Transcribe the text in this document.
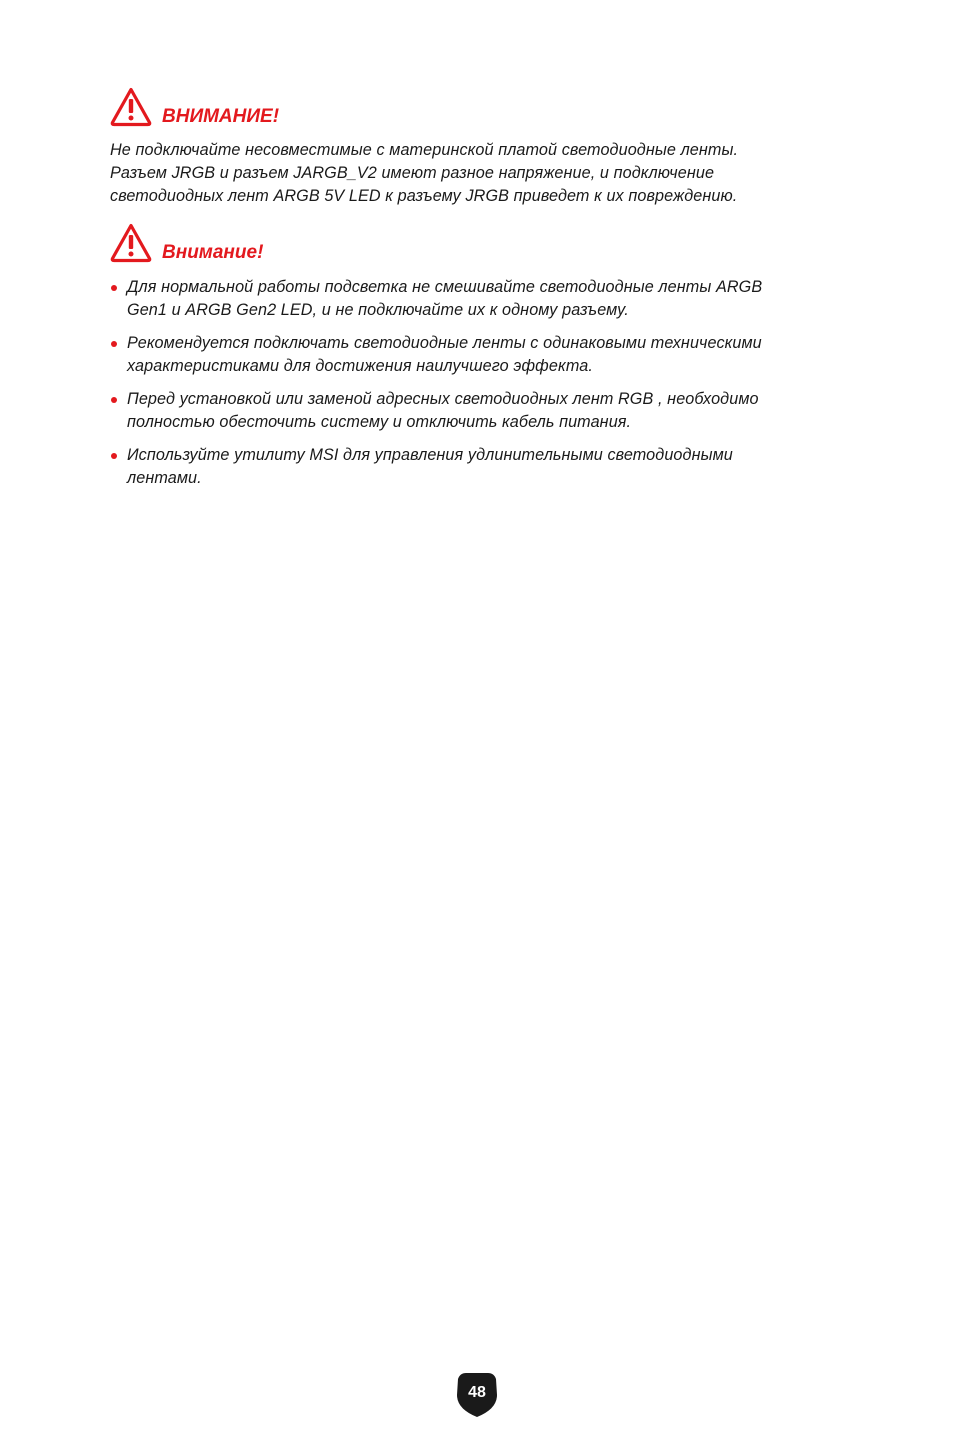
ВНИМАНИЕ!

Не подключайте несовместимые с материнской платой светодиодные ленты.

Разъем JRGB и разъем JARGB_V2 имеют разное напряжение, и подключение

светодиодных лент ARGB 5V LED к разъему JRGB приведет к их повреждению.

Внимание!
Для нормальной работы подсветка не смешивайте светодиодные ленты ARGB
Gen1 и ARGB Gen2 LED, и не подключайте их к одному разъему.
Рекомендуется подключать светодиодные ленты с одинаковыми техническими
характеристиками для достижения наилучшего эффекта.
Перед установкой или заменой адресных светодиодных лент RGB , необходимо
полностью обесточить систему и отключить кабель питания.
Используйте утилиту MSI для управления удлинительными светодиодными
лентами.
48
